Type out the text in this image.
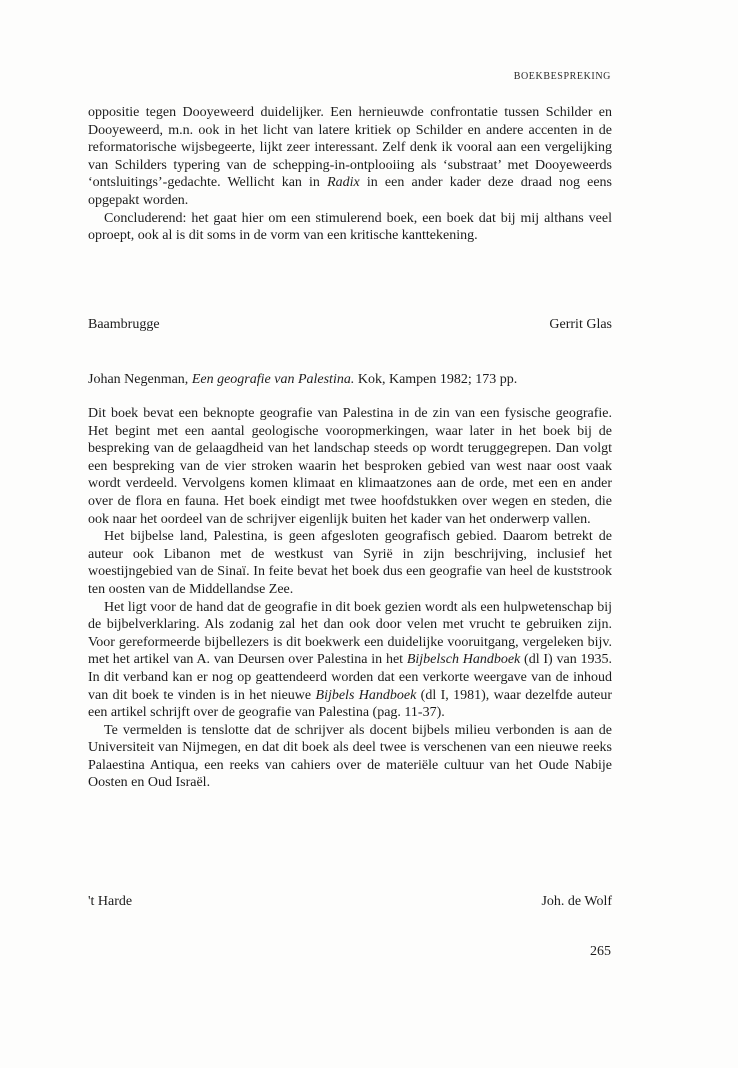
BOEKBESPREKING

oppositie tegen Dooyeweerd duidelijker. Een hernieuwde confrontatie tussen Schilder en Dooyeweerd, m.n. ook in het licht van latere kritiek op Schilder en andere accenten in de reformatorische wijsbegeerte, lijkt zeer interessant. Zelf denk ik vooral aan een vergelijking van Schilders typering van de schepping-in-ontplooiing als ‘substraat’ met Dooyeweerds ‘ontsluitings’-gedachte. Wellicht kan in Radix in een ander kader deze draad nog eens opgepakt worden.

Concluderend: het gaat hier om een stimulerend boek, een boek dat bij mij althans veel oproept, ook al is dit soms in de vorm van een kritische kanttekening.

Baambrugge	Gerrit Glas
Johan Negenman, Een geografie van Palestina. Kok, Kampen 1982; 173 pp.

Dit boek bevat een beknopte geografie van Palestina in de zin van een fysische geografie. Het begint met een aantal geologische vooropmerkingen, waar later in het boek bij de bespreking van de gelaagdheid van het landschap steeds op wordt teruggegrepen. Dan volgt een bespreking van de vier stroken waarin het besproken gebied van west naar oost vaak wordt verdeeld. Vervolgens komen klimaat en klimaatzones aan de orde, met een en ander over de flora en fauna. Het boek eindigt met twee hoofdstukken over wegen en steden, die ook naar het oordeel van de schrijver eigenlijk buiten het kader van het onderwerp vallen.

Het bijbelse land, Palestina, is geen afgesloten geografisch gebied. Daarom betrekt de auteur ook Libanon met de westkust van Syrië in zijn beschrijving, inclusief het woestijngebied van de Sinaï. In feite bevat het boek dus een geografie van heel de kuststrook ten oosten van de Middellandse Zee.

Het ligt voor de hand dat de geografie in dit boek gezien wordt als een hulpwetenschap bij de bijbelverklaring. Als zodanig zal het dan ook door velen met vrucht te gebruiken zijn. Voor gereformeerde bijbellezers is dit boekwerk een duidelijke vooruitgang, vergeleken bijv. met het artikel van A. van Deursen over Palestina in het Bijbelsch Handboek (dl I) van 1935. In dit verband kan er nog op geattendeerd worden dat een verkorte weergave van de inhoud van dit boek te vinden is in het nieuwe Bijbels Handboek (dl I, 1981), waar dezelfde auteur een artikel schrijft over de geografie van Palestina (pag. 11-37).

Te vermelden is tenslotte dat de schrijver als docent bijbels milieu verbonden is aan de Universiteit van Nijmegen, en dat dit boek als deel twee is verschenen van een nieuwe reeks Palaestina Antiqua, een reeks van cahiers over de materiële cultuur van het Oude Nabije Oosten en Oud Israël.

't Harde	Joh. de Wolf
265
